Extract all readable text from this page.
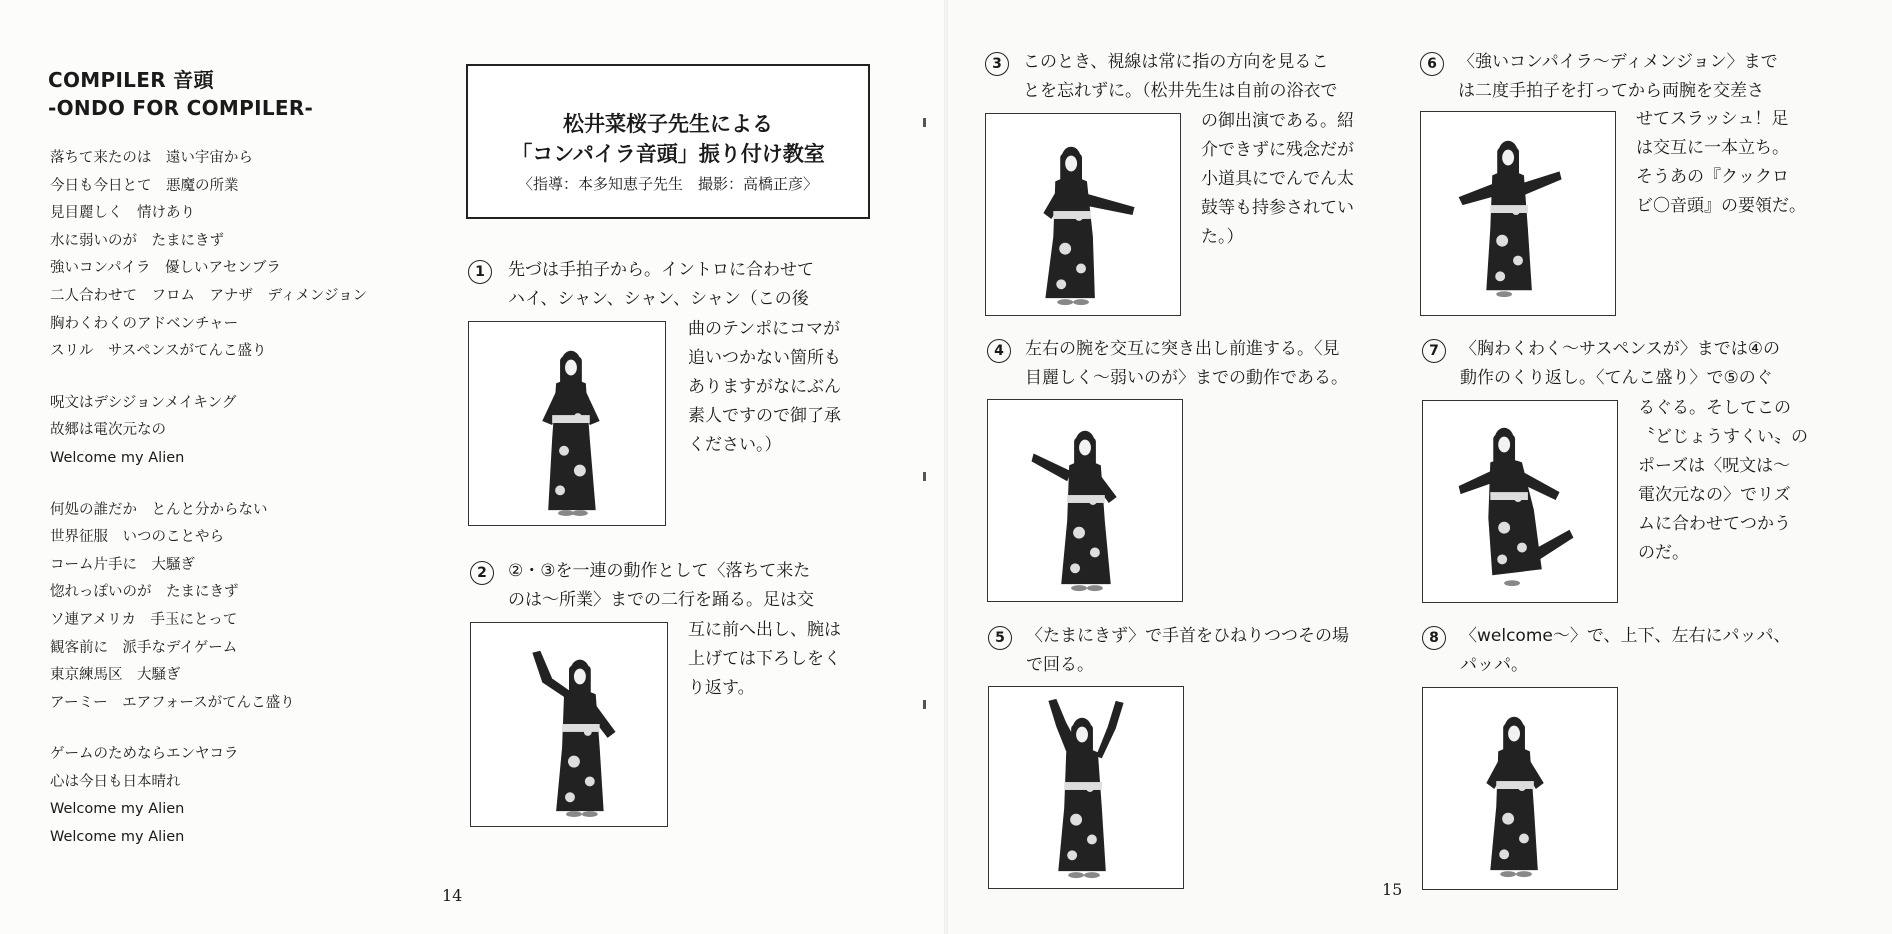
COMPILER 音頭
-ONDO FOR COMPILER-
落ちて来たのは　遠い宇宙から
今日も今日とて　悪魔の所業
見目麗しく　情けあり
水に弱いのが　たまにきず
強いコンパイラ　優しいアセンブラ
二人合わせて　フロム　アナザ　ディメンジョン
胸わくわくのアドベンチャー
スリル　サスペンスがてんこ盛り
呪文はデシジョンメイキング
故郷は電次元なの
Welcome my Alien
何処の誰だか　とんと分からない
世界征服　いつのことやら
コーム片手に　大騒ぎ
惚れっぽいのが　たまにきず
ソ連アメリカ　手玉にとって
観客前に　派手なデイゲーム
東京練馬区　大騒ぎ
アーミー　エアフォースがてんこ盛り
ゲームのためならエンヤコラ
心は今日も日本晴れ
Welcome my Alien
Welcome my Alien
松井菜桜子先生による
「コンパイラ音頭」振り付け教室
〈指導：本多知恵子先生　撮影：高橋正彦〉
1	先づは手拍子から。イントロに合わせて
ハイ、シャン、シャン、シャン（この後
曲のテンポにコマが
追いつかない箇所も
ありますがなにぶん
素人ですので御了承
ください。）
2	②・③を一連の動作として〈落ちて来た
のは～所業〉までの二行を踊る。足は交
互に前へ出し、腕は
上げては下ろしをく
り返す。
3	このとき、視線は常に指の方向を見るこ
とを忘れずに。（松井先生は自前の浴衣で
の御出演である。紹
介できずに残念だが
小道具にでんでん太
鼓等も持参されてい
た。）
4	左右の腕を交互に突き出し前進する。〈見
目麗しく～弱いのが〉までの動作である。
5	〈たまにきず〉で手首をひねりつつその場
で回る。
6	〈強いコンパイラ～ディメンジョン〉まで
は二度手拍子を打ってから両腕を交差さ
せてスラッシュ！足
は交互に一本立ち。
そうあの『クックロ
ビ〇音頭』の要領だ。
7	〈胸わくわく～サスペンスが〉までは④の
動作のくり返し。〈てんこ盛り〉で⑤のぐ
るぐる。そしてこの
〝どじょうすくい〟の
ポーズは〈呪文は～
電次元なの〉でリズ
ムに合わせてつかう
のだ。
8	〈welcome～〉で、上下、左右にパッパ、
パッパ。
14	15
